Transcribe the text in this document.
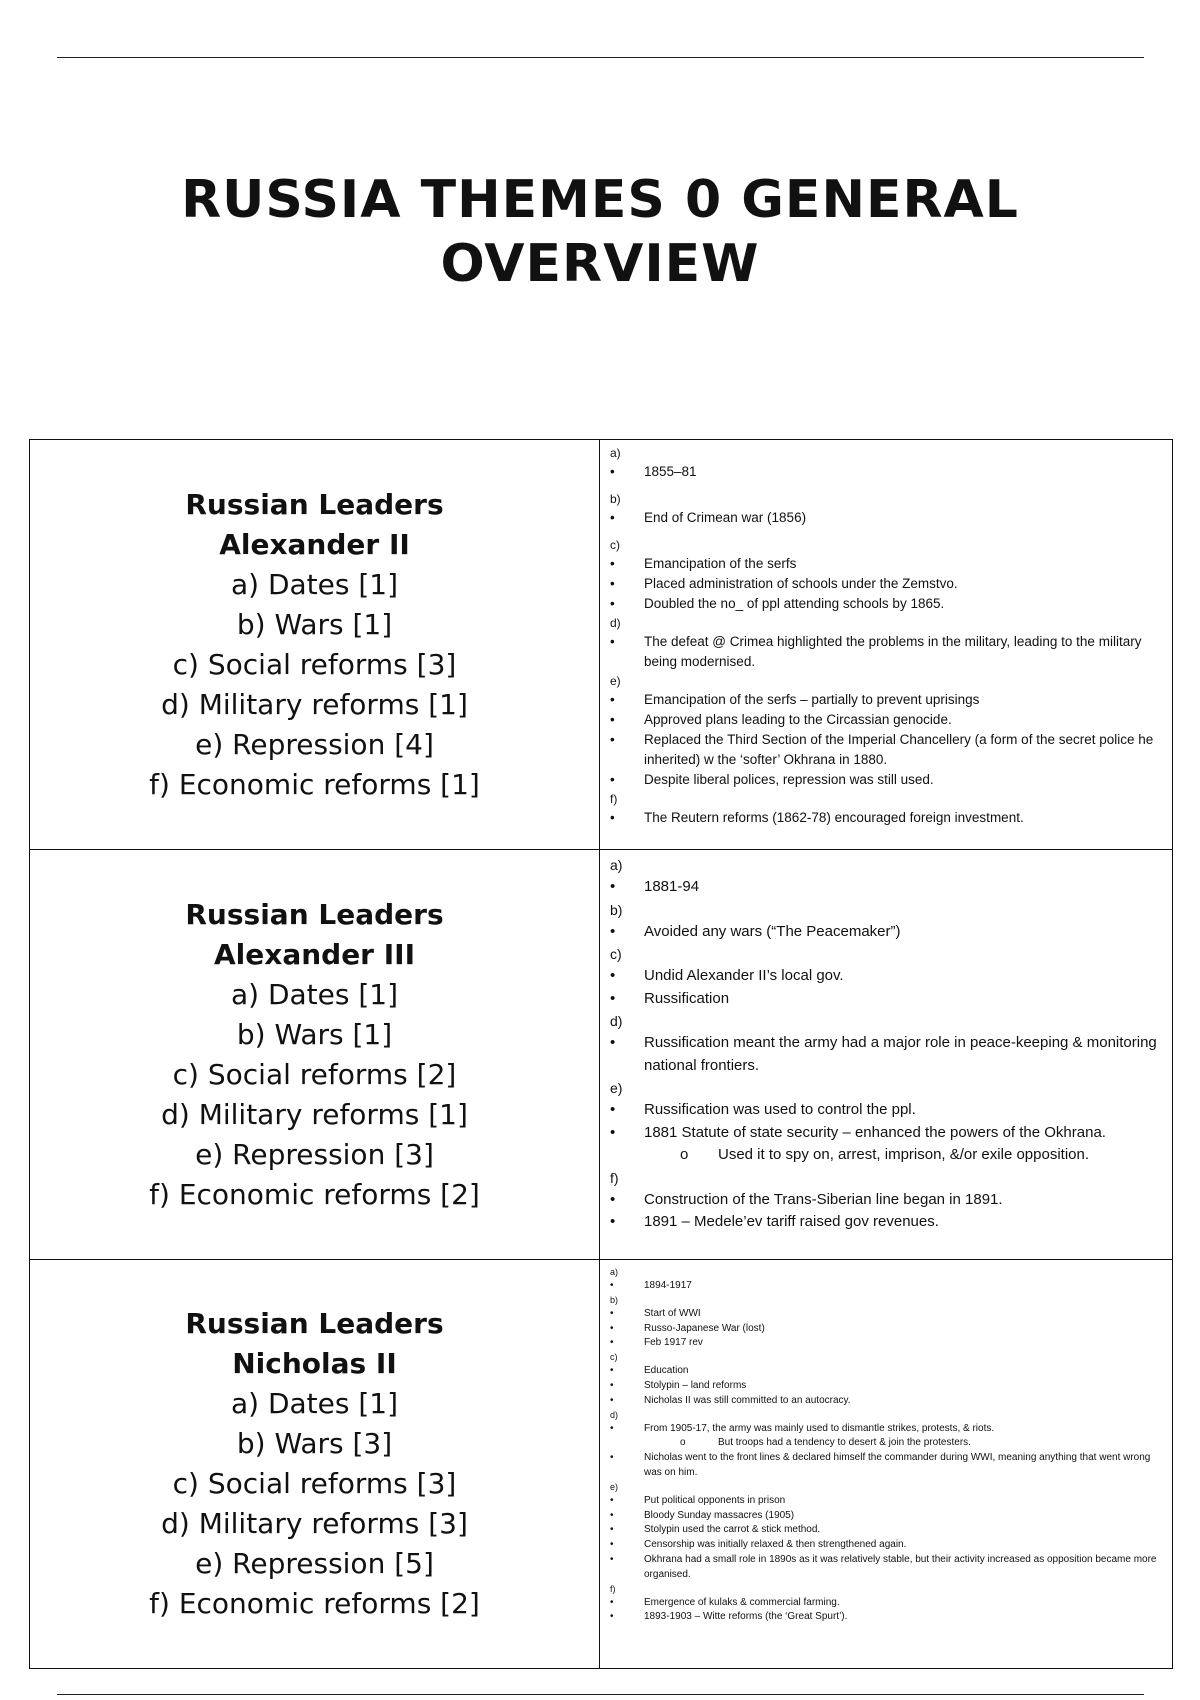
RUSSIA THEMES 0 GENERAL
OVERVIEW
Russian Leaders
Alexander II
a) Dates [1]
b) Wars [1]
c) Social reforms [3]
d) Military reforms [1]
e) Repression [4]
f) Economic reforms [1]
a)
•	1855–81
b)
•	End of Crimean war (1856)
c)
•	Emancipation of the serfs
•	Placed administration of schools under the Zemstvo.
•	Doubled the no_ of ppl attending schools by 1865.
d)
•	The defeat @ Crimea highlighted the problems in the military, leading to the military being modernised.
e)
•	Emancipation of the serfs – partially to prevent uprisings
•	Approved plans leading to the Circassian genocide.
•	Replaced the Third Section of the Imperial Chancellery (a form of the secret police he inherited) w the ‘softer’ Okhrana in 1880.
•	Despite liberal polices, repression was still used.
f)
•	The Reutern reforms (1862-78) encouraged foreign investment.
Russian Leaders
Alexander III
a) Dates [1]
b) Wars [1]
c) Social reforms [2]
d) Military reforms [1]
e) Repression [3]
f) Economic reforms [2]
a)
•	1881-94
b)
•	Avoided any wars (“The Peacemaker”)
c)
•	Undid Alexander II’s local gov.
•	Russification
d)
•	Russification meant the army had a major role in peace-keeping & monitoring national frontiers.
e)
•	Russification was used to control the ppl.
•	1881 Statute of state security – enhanced the powers of the Okhrana.
o	Used it to spy on, arrest, imprison, &/or exile opposition.
f)
•	Construction of the Trans-Siberian line began in 1891.
•	1891 – Medele’ev tariff raised gov revenues.
Russian Leaders
Nicholas II
a) Dates [1]
b) Wars [3]
c) Social reforms [3]
d) Military reforms [3]
e) Repression [5]
f) Economic reforms [2]
a)
•	1894-1917
b)
•	Start of WWI
•	Russo-Japanese War (lost)
•	Feb 1917 rev
c)
•	Education
•	Stolypin – land reforms
•	Nicholas II was still committed to an autocracy.
d)
•	From 1905-17, the army was mainly used to dismantle strikes, protests, & riots.
o	But troops had a tendency to desert & join the protesters.
•	Nicholas went to the front lines & declared himself the commander during WWI, meaning anything that went wrong was on him.
e)
•	Put political opponents in prison
•	Bloody Sunday massacres (1905)
•	Stolypin used the carrot & stick method.
•	Censorship was initially relaxed & then strengthened again.
•	Okhrana had a small role in 1890s as it was relatively stable, but their activity increased as opposition became more organised.
f)
•	Emergence of kulaks & commercial farming.
•	1893-1903 – Witte reforms (the ‘Great Spurt’).
